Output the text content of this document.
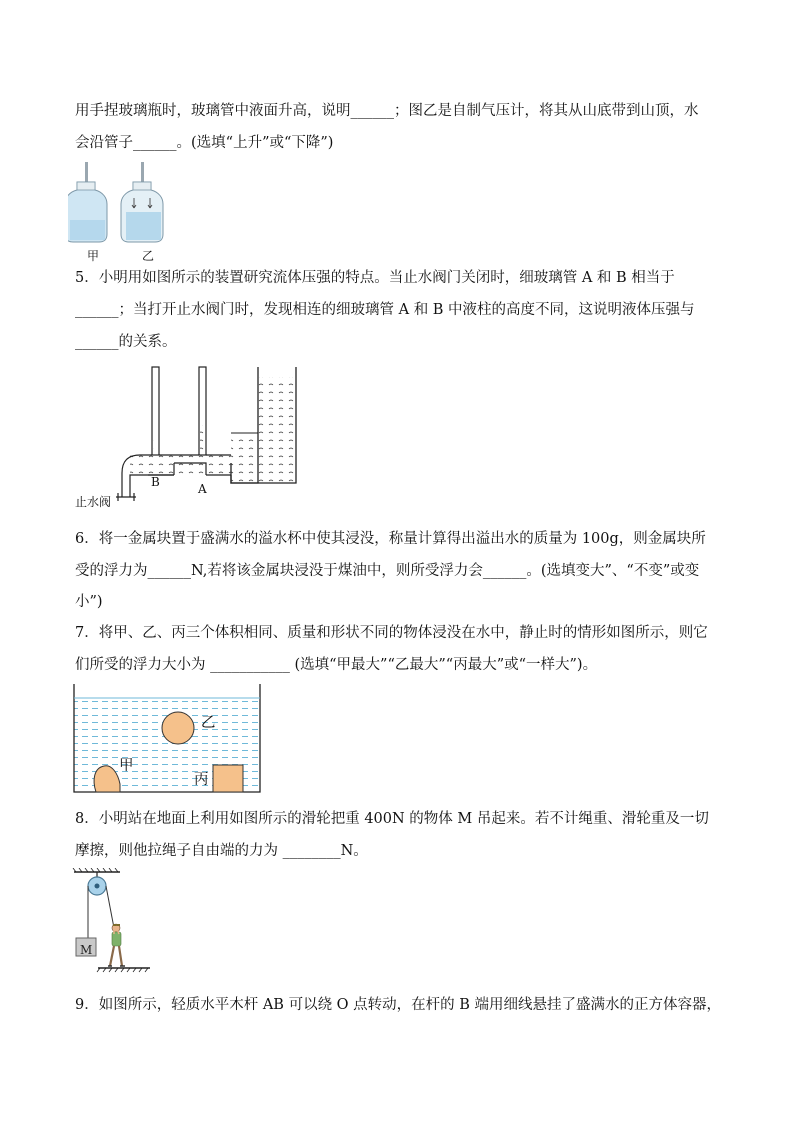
用手捏玻璃瓶时，玻璃管中液面升高，说明______；图乙是自制气压计，将其从山底带到山顶，水
会沿管子______。(选填“上升”或“下降”)
甲	乙
5．小明用如图所示的装置研究流体压强的特点。当止水阀门关闭时，细玻璃管 A 和 B 相当于
______；当打开止水阀门时，发现相连的细玻璃管 A 和 B 中液柱的高度不同，这说明液体压强与
______的关系。
B	A
止水阀
6．将一金属块置于盛满水的溢水杯中使其浸没，称量计算得出溢出水的质量为 100g，则金属块所
受的浮力为______N,若将该金属块浸没于煤油中，则所受浮力会______。(选填变大”、“不变”或变
小”)
7．将甲、乙、丙三个体积相同、质量和形状不同的物体浸没在水中，静止时的情形如图所示，则它
们所受的浮力大小为 ___________ (选填“甲最大”“乙最大”“丙最大”或“一样大”)。
乙
甲
丙
8．小明站在地面上利用如图所示的滑轮把重 400N 的物体 M 吊起来。若不计绳重、滑轮重及一切
摩擦，则他拉绳子自由端的力为 ________N。
M
9．如图所示，轻质水平木杆 AB 可以绕 O 点转动，在杆的 B 端用细线悬挂了盛满水的正方体容器，
